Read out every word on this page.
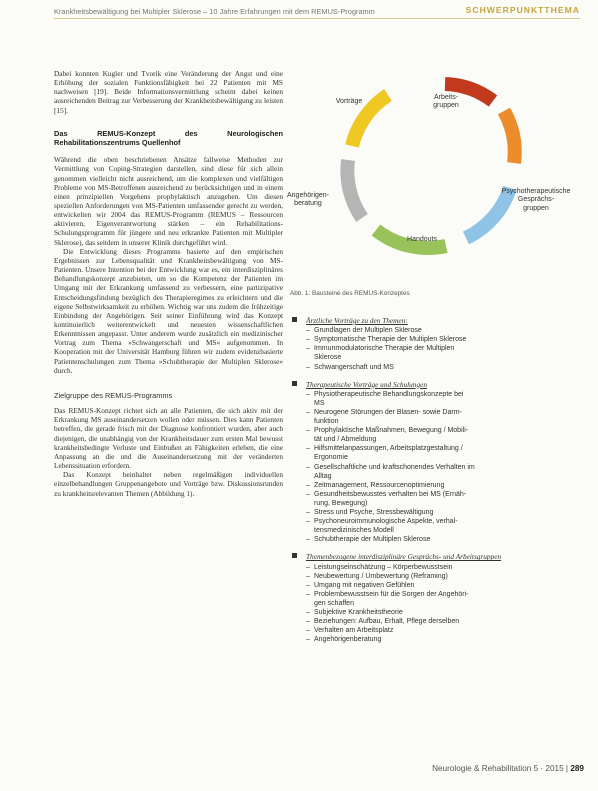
Krankheitsbewältigung bei Multipler Sklerose – 10 Jahre Erfahrungen mit dem REMUS-Programm	SCHWERPUNKTTHEMA

Dabei konnten Kugler und Tvorik eine Veränderung der Angst und eine Erhöhung der sozialen Funktionsfähigkeit bei 22 Patienten mit MS nachweisen [19]. Beide Informationsvermittlung scheint dabei keinen ausreichenden Beitrag zur Verbesserung der Krankheitsbewältigung zu leisten [15].

Das REMUS-Konzept des Neurologischen Rehabilitationszentrums Quellenhof

Während die oben beschriebenen Ansätze fallweise Methoden zur Vermittlung von Coping-Strategien darstellen, sind diese für sich allein genommen vielleicht nicht ausreichend, um die komplexen und vielfältigen Probleme von MS-Betroffenen ausreichend zu berücksichtigen und in einem einen prinzipiellen Vorgehens prophylaktisch anzugehen. Um diesen speziellen Anforderungen von MS-Patienten umfassender gerecht zu werden, entwickelten wir 2004 das REMUS-Programm (REMUS – Ressourcen aktivieren, Eigenverantwortung stärken – ein Rehabilitations-Schulungsprogramm für jüngere und neu erkrankte Patienten mit Multipler Sklerose), das seitdem in unserer Klinik durchgeführt wird.

Die Entwicklung dieses Programms basierte auf den empirischen Ergebnissen zur Lebensqualität und Krankheitsbewältigung von MS-Patienten. Unsere Intention bei der Entwicklung war es, ein interdisziplinäres Behandlungskonzept anzubieten, um so die Kompetenz der Patienten im Umgang mit der Erkrankung umfassend zu verbessern, eine partizipative Entscheidungsfindung bezüglich des Therapieregimes zu erleichtern und die eigene Selbstwirksamkeit zu erhöhen. Wichtig war uns zudem die frühzeitige Einbindung der Angehörigen. Seit seiner Einführung wird das Konzept kontinuierlich weiterentwickelt und neuesten wissenschaftlichen Erkenntnissen angepasst. Unter anderem wurde zusätzlich ein medizinischer Vortrag zum Thema »Schwangerschaft und MS« aufgenommen. In Kooperation mit der Universität Hamburg führen wir zudem evidenzbasierte Patientenschulungen zum Thema »Schubtherapie der Multiplen Sklerose« durch.

Zielgruppe des REMUS-Programms

Das REMUS-Konzept richtet sich an alle Patienten, die sich aktiv mit der Erkrankung MS auseinandersetzen wollen oder müssen. Dies kann Patienten betreffen, die gerade frisch mit der Diagnose konfrontiert wurden, aber auch diejenigen, die unabhängig von der Krankheitsdauer zum ersten Mal bewusst krankheitsbedingte Verluste und Einbußen an Fähigkeiten erleben, die eine Anpassung an die und die Auseinandersetzung mit der veränderten Lebenssituation erfordern.

Das Konzept beinhaltet neben regelmäßigen individuellen einzelbehandlungen Gruppenangebote und Vorträge bzw. Diskussionsrunden zu krankheitsrelevanten Themen (Abbildung 1).

Vorträge
Arbeits-
gruppen
Psychotherapeutische
Gesprächs-
gruppen
Handouts
Angehörigen-
beratung
Abb. 1: Bausteine des REMUS-Konzeptes
Ärztliche Vorträge zu den Themen:
– Grundlagen der Multiplen Sklerose
– Symptomatische Therapie der Multiplen Sklerose
– Immunmodulatorische Therapie der Multiplen
Sklerose
– Schwangerschaft und MS
Therapeutische Vorträge und Schulungen
– Physiotherapeutische Behandlungskonzepte bei
MS
– Neurogene Störungen der Blasen- sowie Darm-
funktion
– Prophylaktische Maßnahmen, Bewegung / Mobili-
tät und / Abmeldung
– Hilfsmittelanpassungen, Arbeitsplatzgestaltung /
Ergonomie
– Gesellschaftliche und kraftschonendes Verhalten im
Alltag
– Zeitmanagement, Ressourcenoptimierung
– Gesundheitsbewusstes verhalten bei MS (Ernäh-
rung, Bewegung)
– Stress und Psyche, Stressbewältigung
– Psychoneuroimmunologische Aspekte, verhal-
tensmedizinisches Modell
– Schubtherapie der Multiplen Sklerose
Themenbezogene interdisziplinäre Gesprächs- und Arbeitsgruppen
– Leistungseinschätzung – Körperbewusstsein
– Neubewertung / Umbewertung (Reframing)
– Umgang mit negativen Gefühlen
– Problembewusstsein für die Sorgen der Angehöri-
gen schaffen
– Subjektive Krankheitstheorie
– Beziehungen: Aufbau, Erhalt, Pflege derselben
– Verhalten am Arbeitsplatz
– Angehörigenberatung
Neurologie & Rehabilitation 5 · 2015 | 289
